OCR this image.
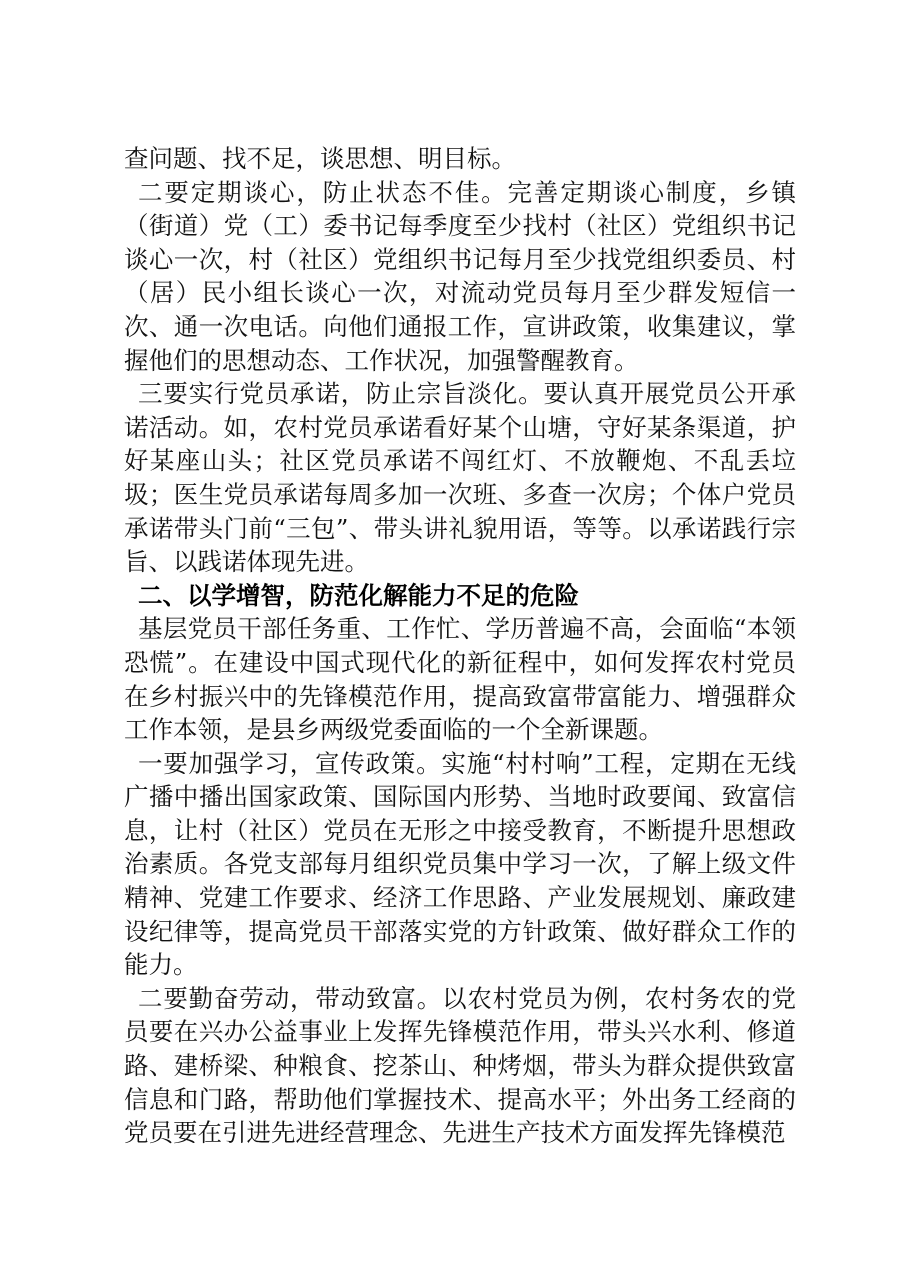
查问题、找不足，谈思想、明目标。

二要定期谈心，防止状态不佳。完善定期谈心制度，乡镇（街道）党（工）委书记每季度至少找村（社区）党组织书记谈心一次，村（社区）党组织书记每月至少找党组织委员、村（居）民小组长谈心一次，对流动党员每月至少群发短信一次、通一次电话。向他们通报工作，宣讲政策，收集建议，掌握他们的思想动态、工作状况，加强警醒教育。

三要实行党员承诺，防止宗旨淡化。要认真开展党员公开承诺活动。如，农村党员承诺看好某个山塘，守好某条渠道，护好某座山头；社区党员承诺不闯红灯、不放鞭炮、不乱丢垃圾；医生党员承诺每周多加一次班、多查一次房；个体户党员承诺带头门前“三包”、带头讲礼貌用语，等等。以承诺践行宗旨、以践诺体现先进。

二、以学增智，防范化解能力不足的危险

基层党员干部任务重、工作忙、学历普遍不高，会面临“本领恐慌”。在建设中国式现代化的新征程中，如何发挥农村党员在乡村振兴中的先锋模范作用，提高致富带富能力、增强群众工作本领，是县乡两级党委面临的一个全新课题。

一要加强学习，宣传政策。实施“村村响”工程，定期在无线广播中播出国家政策、国际国内形势、当地时政要闻、致富信息，让村（社区）党员在无形之中接受教育，不断提升思想政治素质。各党支部每月组织党员集中学习一次，了解上级文件精神、党建工作要求、经济工作思路、产业发展规划、廉政建设纪律等，提高党员干部落实党的方针政策、做好群众工作的能力。

二要勤奋劳动，带动致富。以农村党员为例，农村务农的党员要在兴办公益事业上发挥先锋模范作用，带头兴水利、修道路、建桥梁、种粮食、挖茶山、种烤烟，带头为群众提供致富信息和门路，帮助他们掌握技术、提高水平；外出务工经商的党员要在引进先进经营理念、先进生产技术方面发挥先锋模范
